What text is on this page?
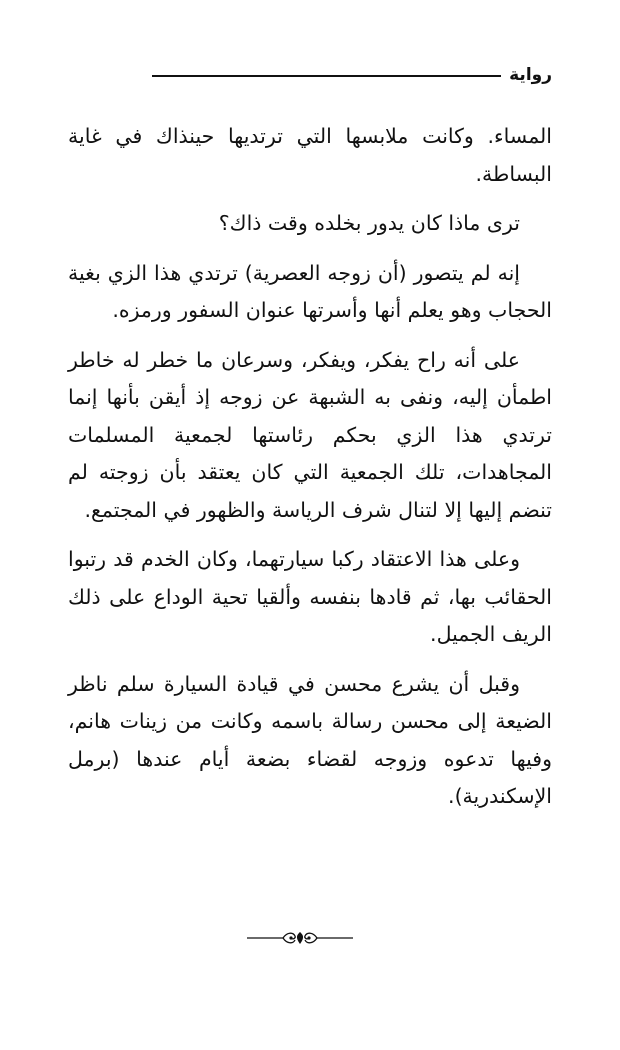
رواية

المساء. وكانت ملابسها التي ترتديها حينذاك في غاية البساطة.

ترى ماذا كان يدور بخلده وقت ذاك؟

إنه لم يتصور (أن زوجه العصرية) ترتدي هذا الزي بغية الحجاب وهو يعلم أنها وأسرتها عنوان السفور ورمزه.

على أنه راح يفكر، ويفكر، وسرعان ما خطر له خاطر اطمأن إليه، ونفى به الشبهة عن زوجه إذ أيقن بأنها إنما ترتدي هذا الزي بحكم رئاستها لجمعية المسلمات المجاهدات، تلك الجمعية التي كان يعتقد بأن زوجته لم تنضم إليها إلا لتنال شرف الرياسة والظهور في المجتمع.

وعلى هذا الاعتقاد ركبا سيارتهما، وكان الخدم قد رتبوا الحقائب بها، ثم قادها بنفسه وألقيا تحية الوداع على ذلك الريف الجميل.

وقبل أن يشرع محسن في قيادة السيارة سلم ناظر الضيعة إلى محسن رسالة باسمه وكانت من زينات هانم، وفيها تدعوه وزوجه لقضاء بضعة أيام عندها (برمل الإسكندرية).
